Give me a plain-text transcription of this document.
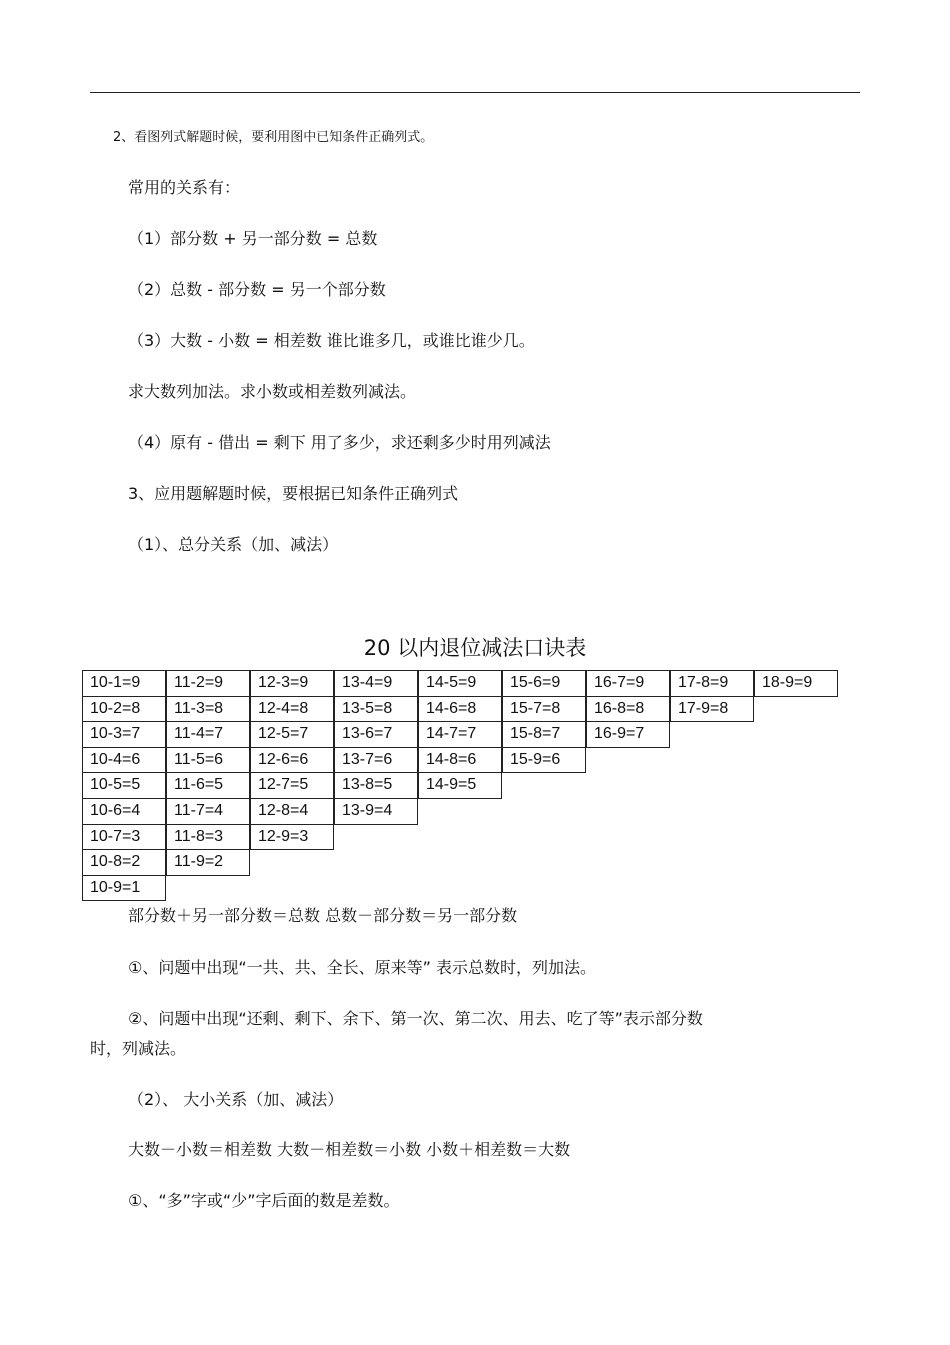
2、看图列式解题时候，要利用图中已知条件正确列式。
常用的关系有：
（1）部分数 + 另一部分数 = 总数
（2）总数 - 部分数 = 另一个部分数
（3）大数 - 小数 = 相差数 谁比谁多几，或谁比谁少几。
求大数列加法。求小数或相差数列减法。
（4）原有 - 借出 = 剩下 用了多少，求还剩多少时用列减法
3、应用题解题时候，要根据已知条件正确列式
（1）、总分关系（加、减法）
20 以内退位减法口诀表
10-1=9
10-2=8
10-3=7
10-4=6
10-5=5
10-6=4
10-7=3
10-8=2
10-9=1
11-2=9
11-3=8
11-4=7
11-5=6
11-6=5
11-7=4
11-8=3
11-9=2
12-3=9
12-4=8
12-5=7
12-6=6
12-7=5
12-8=4
12-9=3
13-4=9
13-5=8
13-6=7
13-7=6
13-8=5
13-9=4
14-5=9
14-6=8
14-7=7
14-8=6
14-9=5
15-6=9
15-7=8
15-8=7
15-9=6
16-7=9
16-8=8
16-9=7
17-8=9
17-9=8
18-9=9
部分数＋另一部分数＝总数 总数－部分数＝另一部分数
①、问题中出现“一共、共、全长、原来等” 表示总数时，列加法。
②、问题中出现“还剩、剩下、余下、第一次、第二次、用去、吃了等”表示部分数
时，列减法。
（2）、 大小关系（加、减法）
大数－小数＝相差数 大数－相差数＝小数 小数＋相差数＝大数
①、“多”字或“少”字后面的数是差数。
